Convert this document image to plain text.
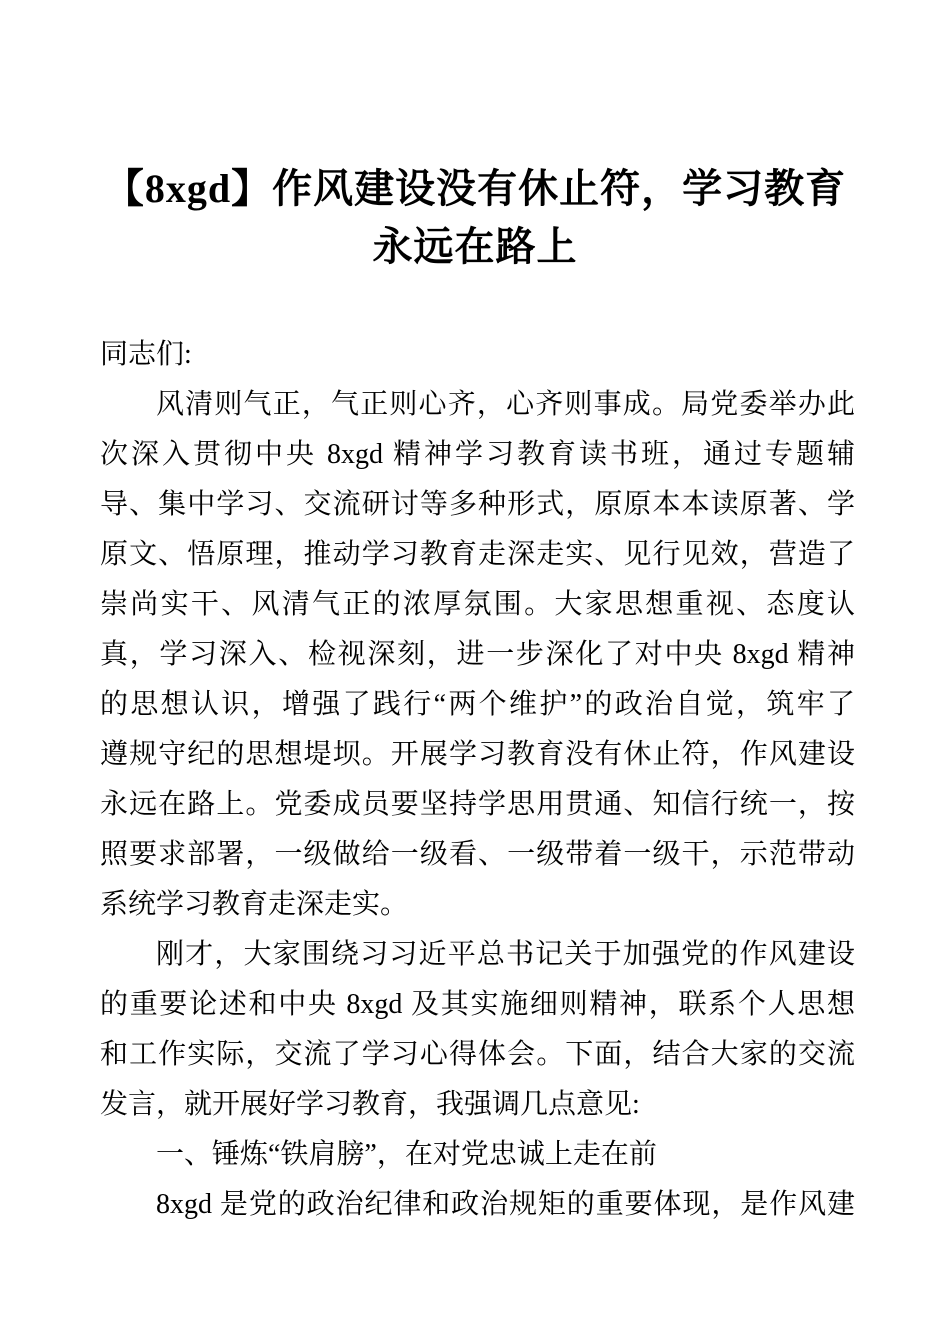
【8xgd】作风建设没有休止符，学习教育
永远在路上
同志们:
风清则气正，气正则心齐，心齐则事成。局党委举办此
次深入贯彻中央 8xgd 精神学习教育读书班，通过专题辅
导、集中学习、交流研讨等多种形式，原原本本读原著、学
原文、悟原理，推动学习教育走深走实、见行见效，营造了
崇尚实干、风清气正的浓厚氛围。大家思想重视、态度认
真，学习深入、检视深刻，进一步深化了对中央 8xgd 精神
的思想认识，增强了践行“两个维护”的政治自觉，筑牢了
遵规守纪的思想堤坝。开展学习教育没有休止符，作风建设
永远在路上。党委成员要坚持学思用贯通、知信行统一，按
照要求部署，一级做给一级看、一级带着一级干，示范带动
系统学习教育走深走实。
刚才，大家围绕习习近平总书记关于加强党的作风建设
的重要论述和中央 8xgd 及其实施细则精神，联系个人思想
和工作实际，交流了学习心得体会。下面，结合大家的交流
发言，就开展好学习教育，我强调几点意见:
一、锤炼“铁肩膀”，在对党忠诚上走在前
8xgd 是党的政治纪律和政治规矩的重要体现，是作风建
